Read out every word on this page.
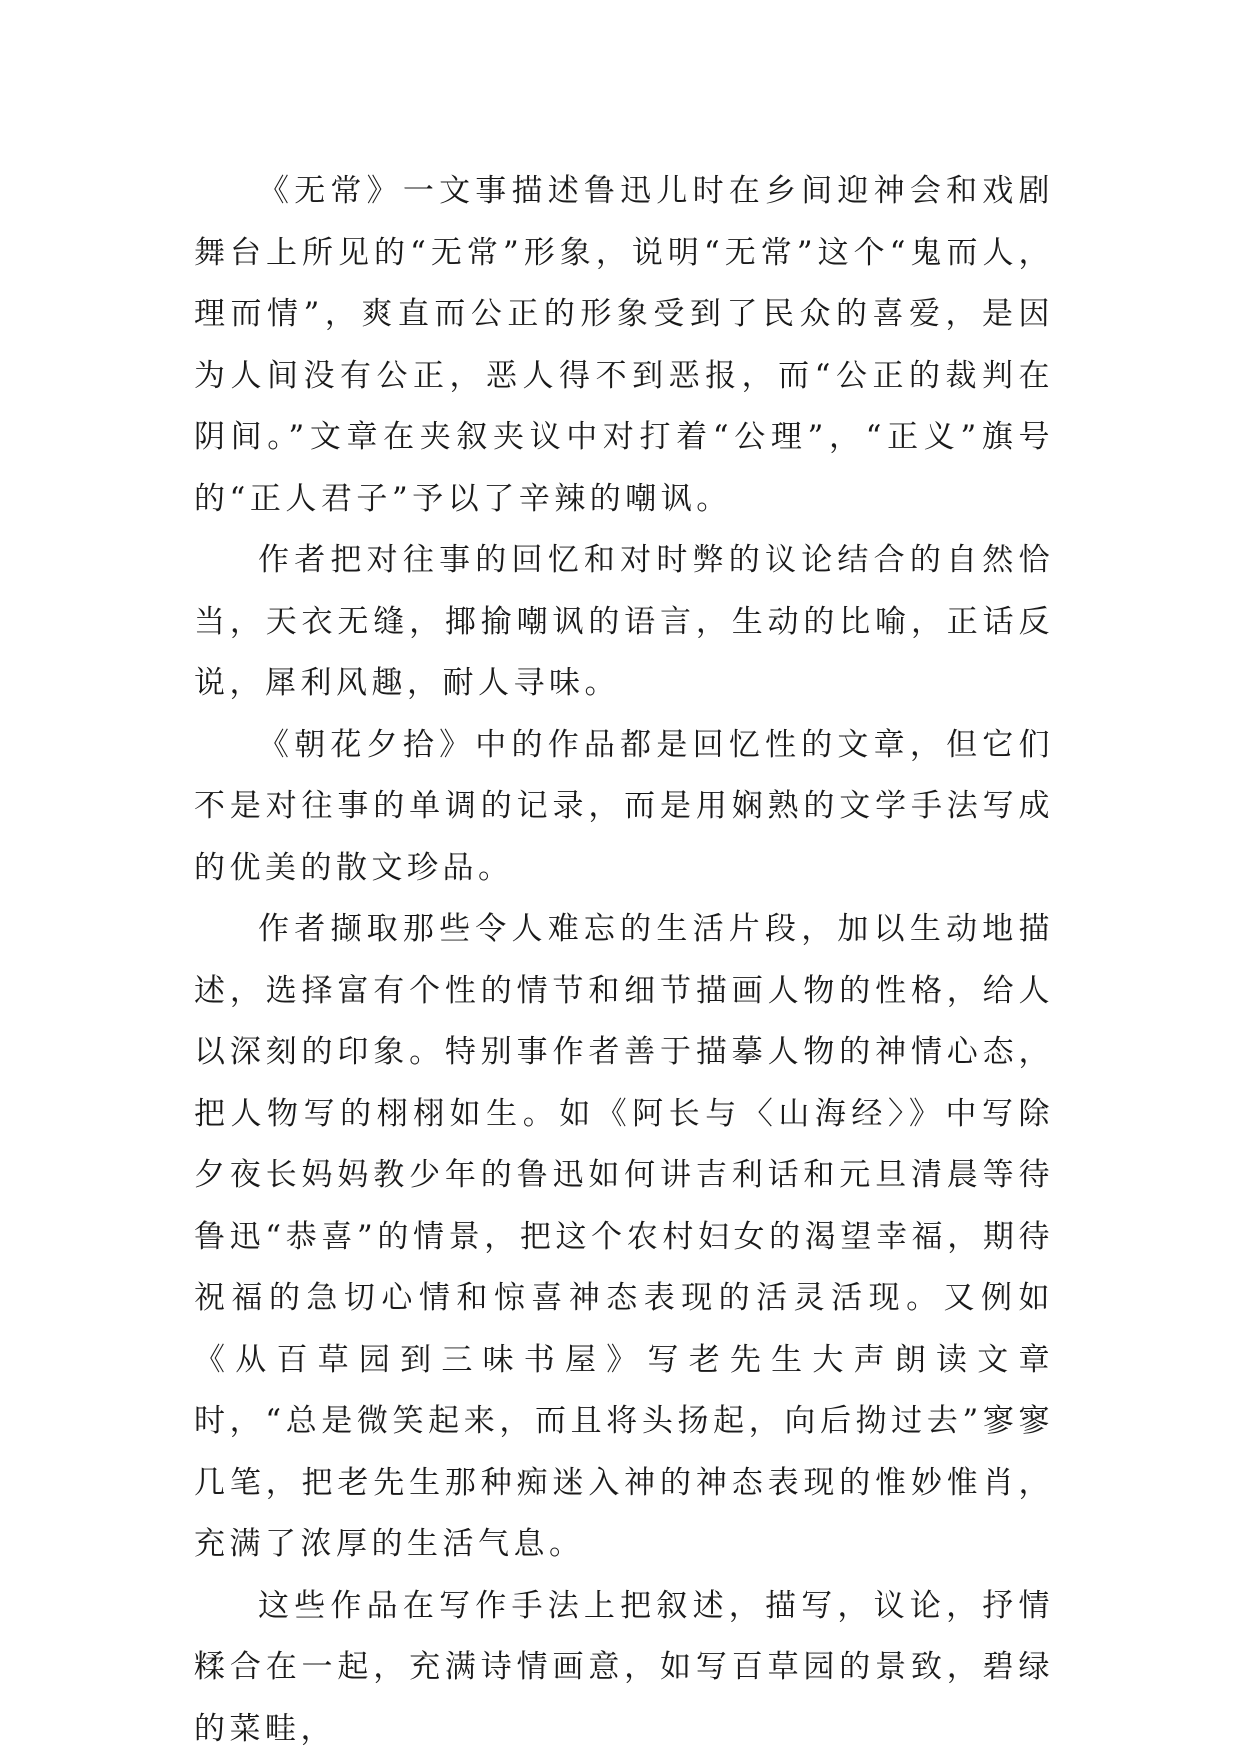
《无常》一文事描述鲁迅儿时在乡间迎神会和戏剧舞台上所见的“无常”形象，说明“无常”这个“鬼而人，理而情”，爽直而公正的形象受到了民众的喜爱，是因为人间没有公正，恶人得不到恶报，而“公正的裁判在阴间。”文章在夹叙夹议中对打着“公理”，“正义”旗号的“正人君子”予以了辛辣的嘲讽。

作者把对往事的回忆和对时弊的议论结合的自然恰当，天衣无缝，揶揄嘲讽的语言，生动的比喻，正话反说，犀利风趣，耐人寻味。

《朝花夕拾》中的作品都是回忆性的文章，但它们不是对往事的单调的记录，而是用娴熟的文学手法写成的优美的散文珍品。

作者撷取那些令人难忘的生活片段，加以生动地描述，选择富有个性的情节和细节描画人物的性格，给人以深刻的印象。特别事作者善于描摹人物的神情心态，把人物写的栩栩如生。如《阿长与〈山海经〉》中写除夕夜长妈妈教少年的鲁迅如何讲吉利话和元旦清晨等待鲁迅“恭喜”的情景，把这个农村妇女的渴望幸福，期待祝福的急切心情和惊喜神态表现的活灵活现。又例如《从百草园到三味书屋》写老先生大声朗读文章时，“总是微笑起来，而且将头扬起，向后拗过去”寥寥几笔，把老先生那种痴迷入神的神态表现的惟妙惟肖，充满了浓厚的生活气息。

这些作品在写作手法上把叙述，描写，议论，抒情糅合在一起，充满诗情画意，如写百草园的景致，碧绿的菜畦，
